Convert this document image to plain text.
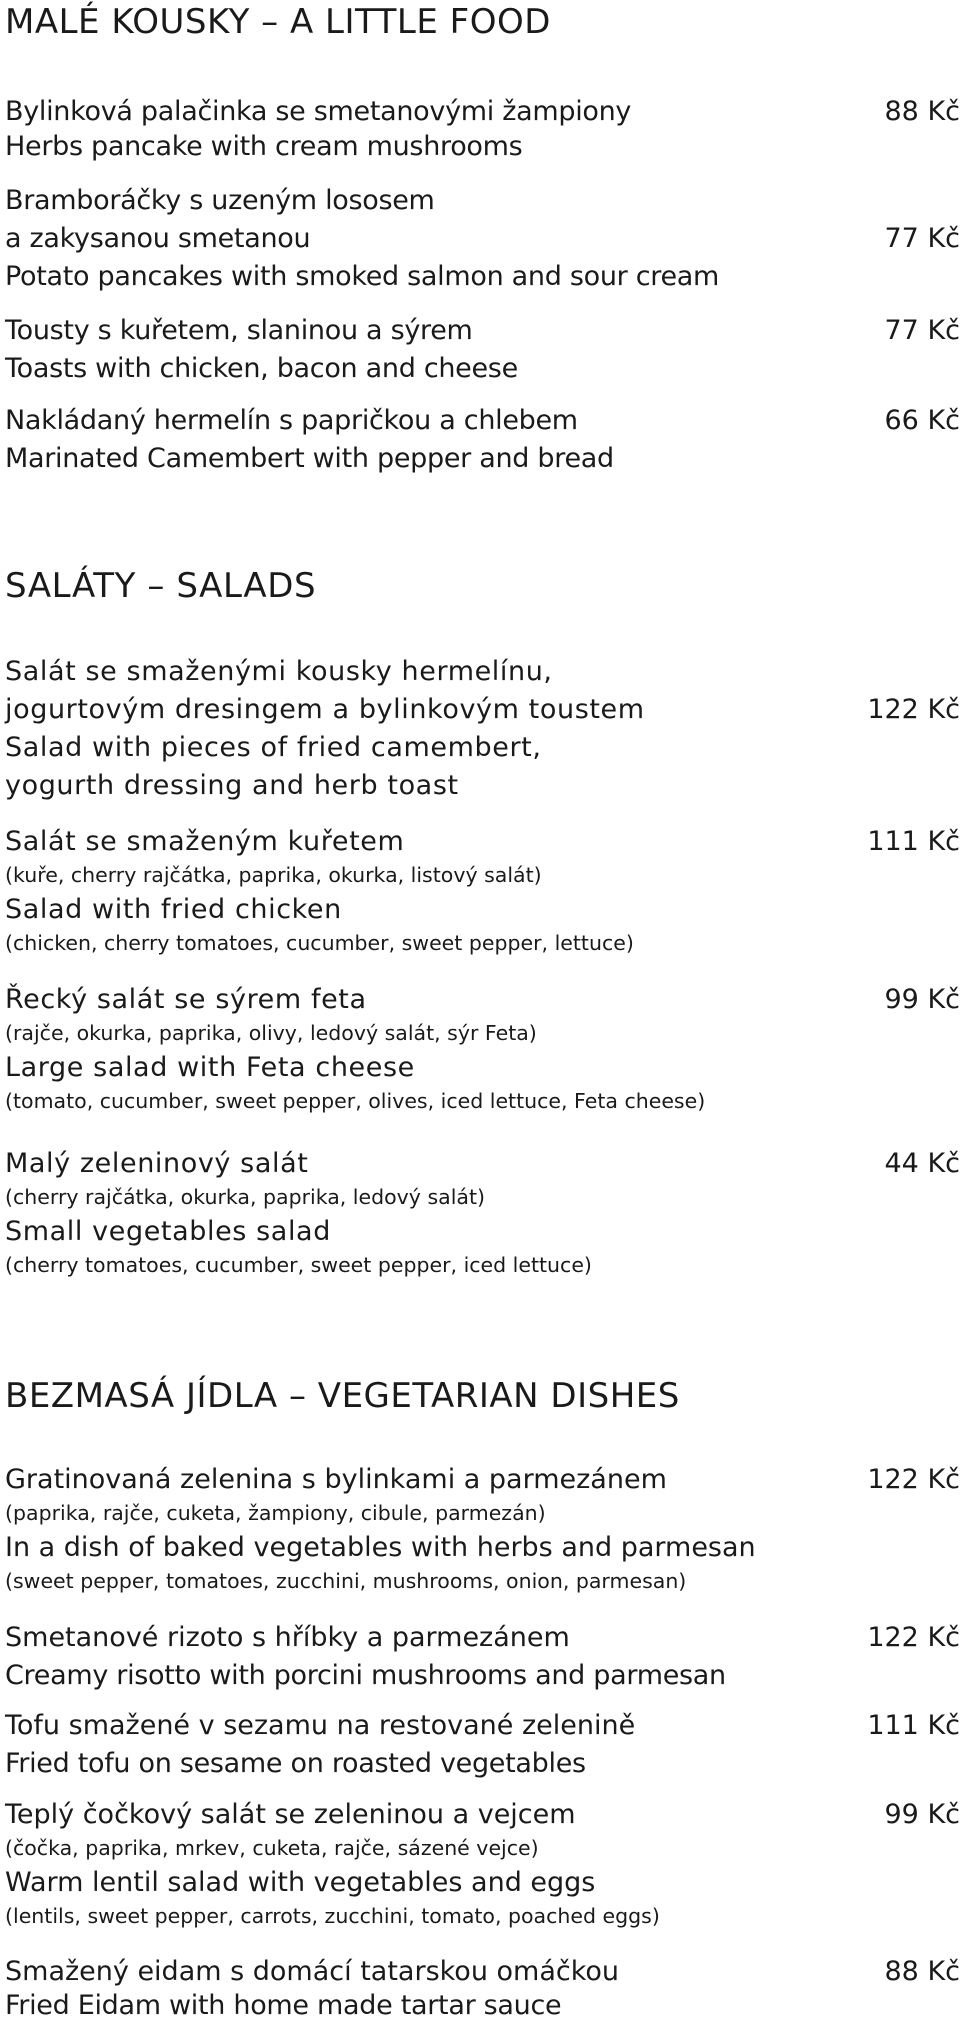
MALÉ KOUSKY – A LITTLE FOOD
Bylinková palačinka se smetanovými žampiony
Herbs pancake with cream mushrooms
88 Kč
Bramboráčky s uzeným lososem
a zakysanou smetanou
Potato pancakes with smoked salmon and sour cream
77 Kč
Tousty s kuřetem, slaninou a sýrem
Toasts with chicken, bacon and cheese
77 Kč
Nakládaný hermelín s papričkou a chlebem
Marinated Camembert with pepper and bread
66 Kč
SALÁTY – SALADS
Salát se smaženými kousky hermelínu,
jogurtovým dresingem a bylinkovým toustem
Salad with pieces of fried camembert,
yogurth dressing and herb toast
122 Kč
Salát se smaženým kuřetem
(kuře, cherry rajčátka, paprika, okurka, listový salát)
Salad with fried chicken
(chicken, cherry tomatoes, cucumber, sweet pepper, lettuce)
111 Kč
Řecký salát se sýrem feta
(rajče, okurka, paprika, olivy, ledový salát, sýr Feta)
Large salad with Feta cheese
(tomato, cucumber, sweet pepper, olives, iced lettuce, Feta cheese)
99 Kč
Malý zeleninový salát
(cherry rajčátka, okurka, paprika, ledový salát)
Small vegetables salad
(cherry tomatoes, cucumber, sweet pepper, iced lettuce)
44 Kč
BEZMASÁ JÍDLA – VEGETARIAN DISHES
Gratinovaná zelenina s bylinkami a parmezánem
(paprika, rajče, cuketa, žampiony, cibule, parmezán)
In a dish of baked vegetables with herbs and parmesan
(sweet pepper, tomatoes, zucchini, mushrooms, onion, parmesan)
122 Kč
Smetanové rizoto s hříbky a parmezánem
Creamy risotto with porcini mushrooms and parmesan
122 Kč
Tofu smažené v sezamu na restované zelenině
Fried tofu on sesame on roasted vegetables
111 Kč
Teplý čočkový salát se zeleninou a vejcem
(čočka, paprika, mrkev, cuketa, rajče, sázené vejce)
Warm lentil salad with vegetables and eggs
(lentils, sweet pepper, carrots, zucchini, tomato, poached eggs)
99 Kč
Smažený eidam s domácí tatarskou omáčkou
Fried Eidam with home made tartar sauce
88 Kč
